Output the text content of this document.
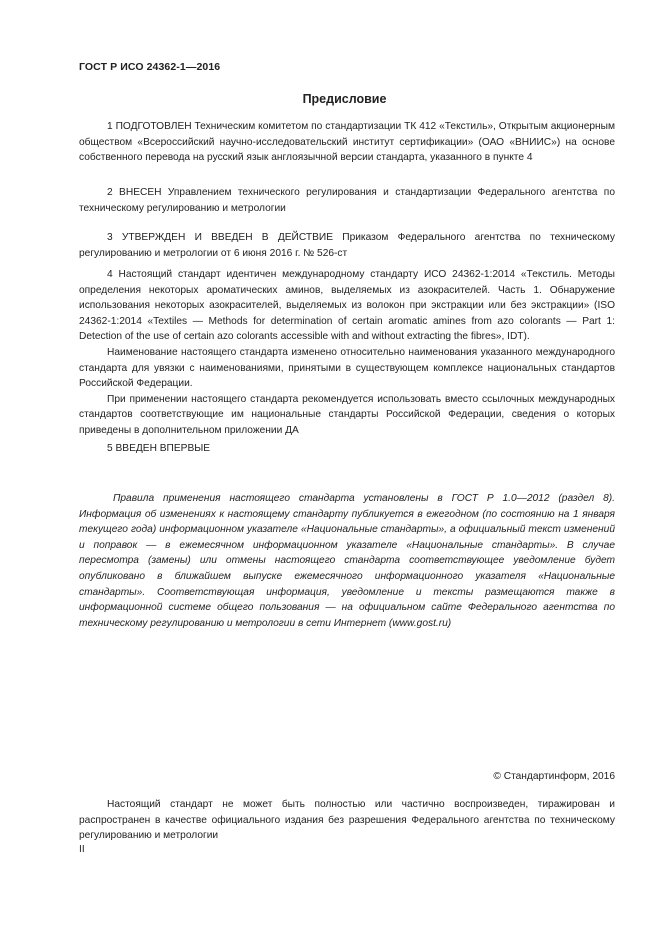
ГОСТ Р ИСО 24362-1—2016
Предисловие

1 ПОДГОТОВЛЕН Техническим комитетом по стандартизации ТК 412 «Текстиль», Открытым акционерным обществом «Всероссийский научно-исследовательский институт сертификации» (ОАО «ВНИИС») на основе собственного перевода на русский язык англоязычной версии стандарта, указанного в пункте 4

2 ВНЕСЕН Управлением технического регулирования и стандартизации Федерального агентства по техническому регулированию и метрологии

3 УТВЕРЖДЕН И ВВЕДЕН В ДЕЙСТВИЕ Приказом Федерального агентства по техническому регулированию и метрологии от 6 июня 2016 г. № 526-ст

4 Настоящий стандарт идентичен международному стандарту ИСО 24362-1:2014 «Текстиль. Методы определения некоторых ароматических аминов, выделяемых из азокрасителей. Часть 1. Обнаружение использования некоторых азокрасителей, выделяемых из волокон при экстракции или без экстракции» (ISO 24362-1:2014 «Textiles — Methods for determination of certain aromatic amines from azo colorants — Part 1: Detection of the use of certain azo colorants accessible with and without extracting the fibres», IDT).

Наименование настоящего стандарта изменено относительно наименования указанного международного стандарта для увязки с наименованиями, принятыми в существующем комплексе национальных стандартов Российской Федерации.

При применении настоящего стандарта рекомендуется использовать вместо ссылочных международных стандартов соответствующие им национальные стандарты Российской Федерации, сведения о которых приведены в дополнительном приложении ДА

5 ВВЕДЕН ВПЕРВЫЕ

Правила применения настоящего стандарта установлены в ГОСТ Р 1.0—2012 (раздел 8). Информация об изменениях к настоящему стандарту публикуется в ежегодном (по состоянию на 1 января текущего года) информационном указателе «Национальные стандарты», а официальный текст изменений и поправок — в ежемесячном информационном указателе «Национальные стандарты». В случае пересмотра (замены) или отмены настоящего стандарта соответствующее уведомление будет опубликовано в ближайшем выпуске ежемесячного информационного указателя «Национальные стандарты». Соответствующая информация, уведомление и тексты размещаются также в информационной системе общего пользования — на официальном сайте Федерального агентства по техническому регулированию и метрологии в сети Интернет (www.gost.ru)

© Стандартинформ, 2016

Настоящий стандарт не может быть полностью или частично воспроизведен, тиражирован и распространен в качестве официального издания без разрешения Федерального агентства по техническому регулированию и метрологии

II
